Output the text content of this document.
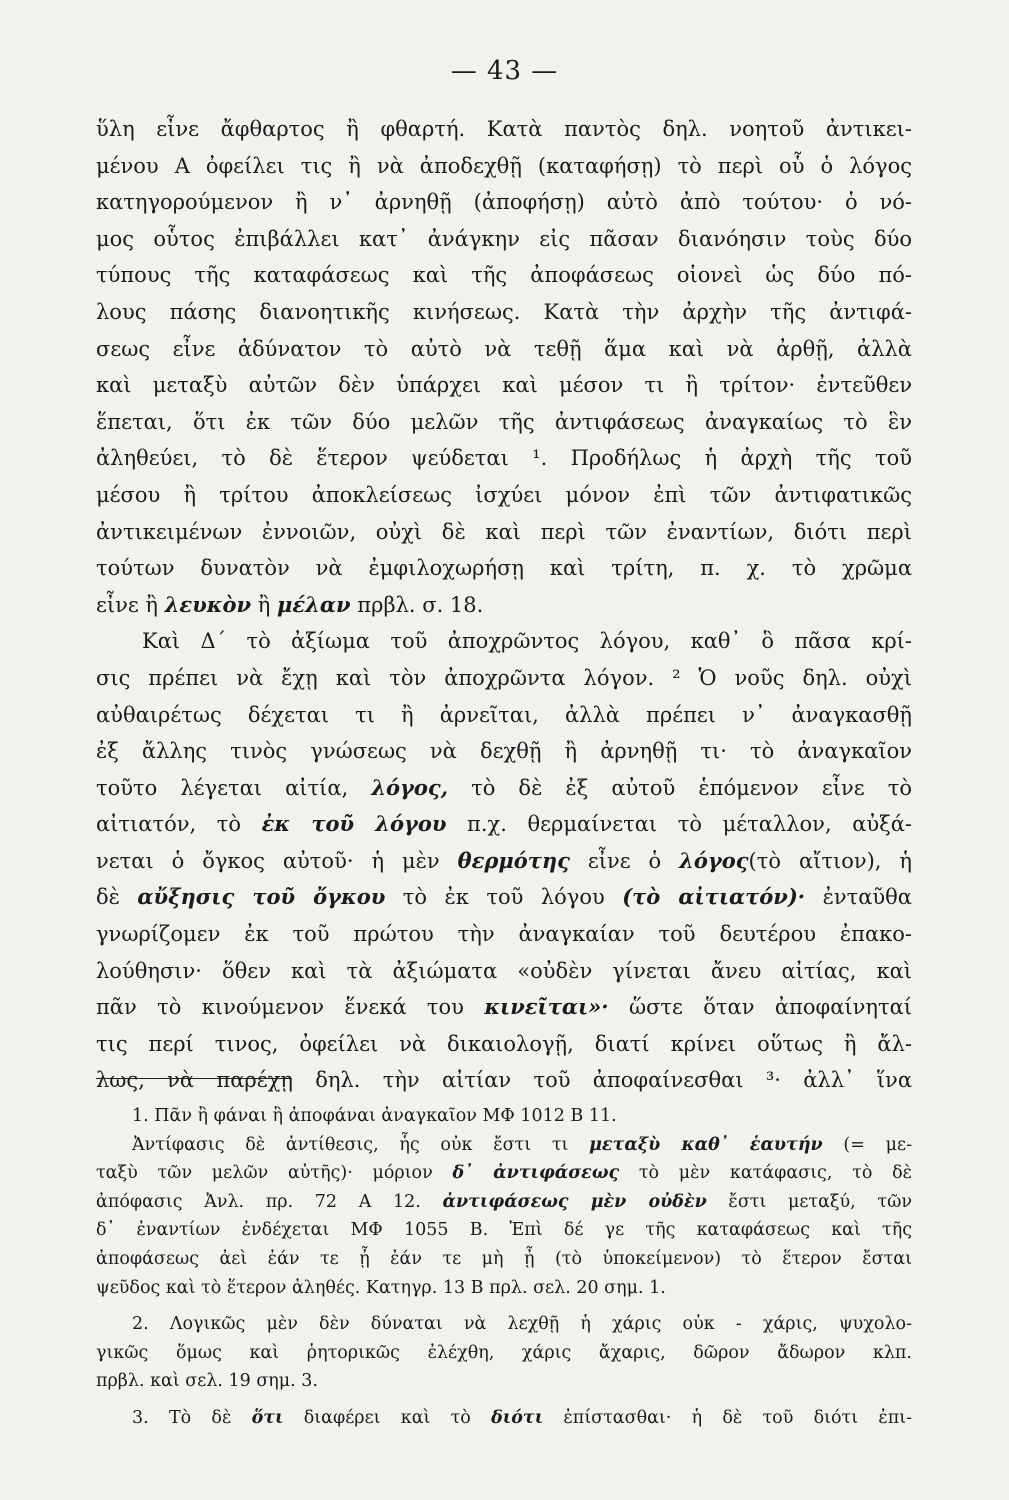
— 43 —
ὕλη εἶνε ἄφθαρτος ἢ φθαρτή. Κατὰ παντὸς δηλ. νοητοῦ ἀντικει-
μένου Α ὀφείλει τις ἢ νὰ ἀποδεχθῇ (καταφήσῃ) τὸ περὶ οὗ ὁ λόγος
κατηγορούμενον ἢ ν᾿ ἀρνηθῇ (ἀποφήσῃ) αὐτὸ ἀπὸ τούτου· ὁ νό-
μος οὗτος ἐπιβάλλει κατ᾿ ἀνάγκην εἰς πᾶσαν διανόησιν τοὺς δύο
τύπους τῆς καταφάσεως καὶ τῆς ἀποφάσεως οἱονεὶ ὡς δύο πό-
λους πάσης διανοητικῆς κινήσεως. Κατὰ τὴν ἀρχὴν τῆς ἀντιφά-
σεως εἶνε ἀδύνατον τὸ αὐτὸ νὰ τεθῇ ἅμα καὶ νὰ ἀρθῇ, ἀλλὰ
καὶ μεταξὺ αὐτῶν δὲν ὑπάρχει καὶ μέσον τι ἢ τρίτον· ἐντεῦθεν
ἕπεται, ὅτι ἐκ τῶν δύο μελῶν τῆς ἀντιφάσεως ἀναγκαίως τὸ ἓν
ἀληθεύει, τὸ δὲ ἕτερον ψεύδεται ¹. Προδήλως ἡ ἀρχὴ τῆς τοῦ
μέσου ἢ τρίτου ἀποκλείσεως ἰσχύει μόνον ἐπὶ τῶν ἀντιφατικῶς
ἀντικειμένων ἐννοιῶν, οὐχὶ δὲ καὶ περὶ τῶν ἐναντίων, διότι περὶ
τούτων δυνατὸν νὰ ἐμφιλοχωρήσῃ καὶ τρίτη, π. χ. τὸ χρῶμα
εἶνε ἢ λευκὸν ἢ μέλαν πρβλ. σ. 18.
Καὶ Δ΄ τὸ ἀξίωμα τοῦ ἀποχρῶντος λόγου, καθ᾿ ὃ πᾶσα κρί-
σις πρέπει νὰ ἔχῃ καὶ τὸν ἀποχρῶντα λόγον. ² Ὁ νοῦς δηλ. οὐχὶ
αὐθαιρέτως δέχεται τι ἢ ἀρνεῖται, ἀλλὰ πρέπει ν᾿ ἀναγκασθῇ
ἐξ ἄλλης τινὸς γνώσεως νὰ δεχθῇ ἢ ἀρνηθῇ τι· τὸ ἀναγκαῖον
τοῦτο λέγεται αἰτία, λόγος, τὸ δὲ ἐξ αὐτοῦ ἑπόμενον εἶνε τὸ
αἰτιατόν, τὸ ἐκ τοῦ λόγου π.χ. θερμαίνεται τὸ μέταλλον, αὐξά-
νεται ὁ ὄγκος αὐτοῦ· ἡ μὲν θερμότης εἶνε ὁ λόγος(τὸ αἴτιον), ἡ
δὲ αὔξησις τοῦ ὄγκου τὸ ἐκ τοῦ λόγου (τὸ αἰτιατόν)· ἐνταῦθα
γνωρίζομεν ἐκ τοῦ πρώτου τὴν ἀναγκαίαν τοῦ δευτέρου ἐπακο-
λούθησιν· ὅθεν καὶ τὰ ἀξιώματα «οὐδὲν γίνεται ἄνευ αἰτίας, καὶ
πᾶν τὸ κινούμενον ἕνεκά του κινεῖται»· ὥστε ὅταν ἀποφαίνηταί
τις περί τινος, ὀφείλει νὰ δικαιολογῇ, διατί κρίνει οὕτως ἢ ἄλ-
λως, νὰ παρέχῃ δηλ. τὴν αἰτίαν τοῦ ἀποφαίνεσθαι ³· ἀλλ᾿ ἵνα
1. Πᾶν ἢ φάναι ἢ ἀποφάναι ἀναγκαῖον ΜΦ 1012 Β 11.
Ἀντίφασις δὲ ἀντίθεσις, ἧς οὐκ ἔστι τι μεταξὺ καθ᾿ ἑαυτήν (= με-
ταξὺ τῶν μελῶν αὐτῆς)· μόριον δ᾿ ἀντιφάσεως τὸ μὲν κατάφασις, τὸ δὲ
ἀπόφασις Ἀνλ. πρ. 72 Α 12. ἀντιφάσεως μὲν οὐδὲν ἔστι μεταξύ, τῶν
δ᾿ ἐναντίων ἐνδέχεται ΜΦ 1055 Β. Ἐπὶ δέ γε τῆς καταφάσεως καὶ τῆς
ἀποφάσεως ἀεὶ ἐάν τε ᾖ ἐάν τε μὴ ᾖ (τὸ ὑποκείμενον) τὸ ἕτερον ἔσται
ψεῦδος καὶ τὸ ἕτερον ἀληθές. Κατηγρ. 13 Β πρλ. σελ. 20 σημ. 1.
2. Λογικῶς μὲν δὲν δύναται νὰ λεχθῇ ἡ χάρις οὐκ - χάρις, ψυχολο-
γικῶς ὅμως καὶ ῥητορικῶς ἐλέχθη, χάρις ἄχαρις, δῶρον ἄδωρον κλπ.
πρβλ. καὶ σελ. 19 σημ. 3.
3. Τὸ δὲ ὅτι διαφέρει καὶ τὸ διότι ἐπίστασθαι· ἡ δὲ τοῦ διότι ἐπι-
